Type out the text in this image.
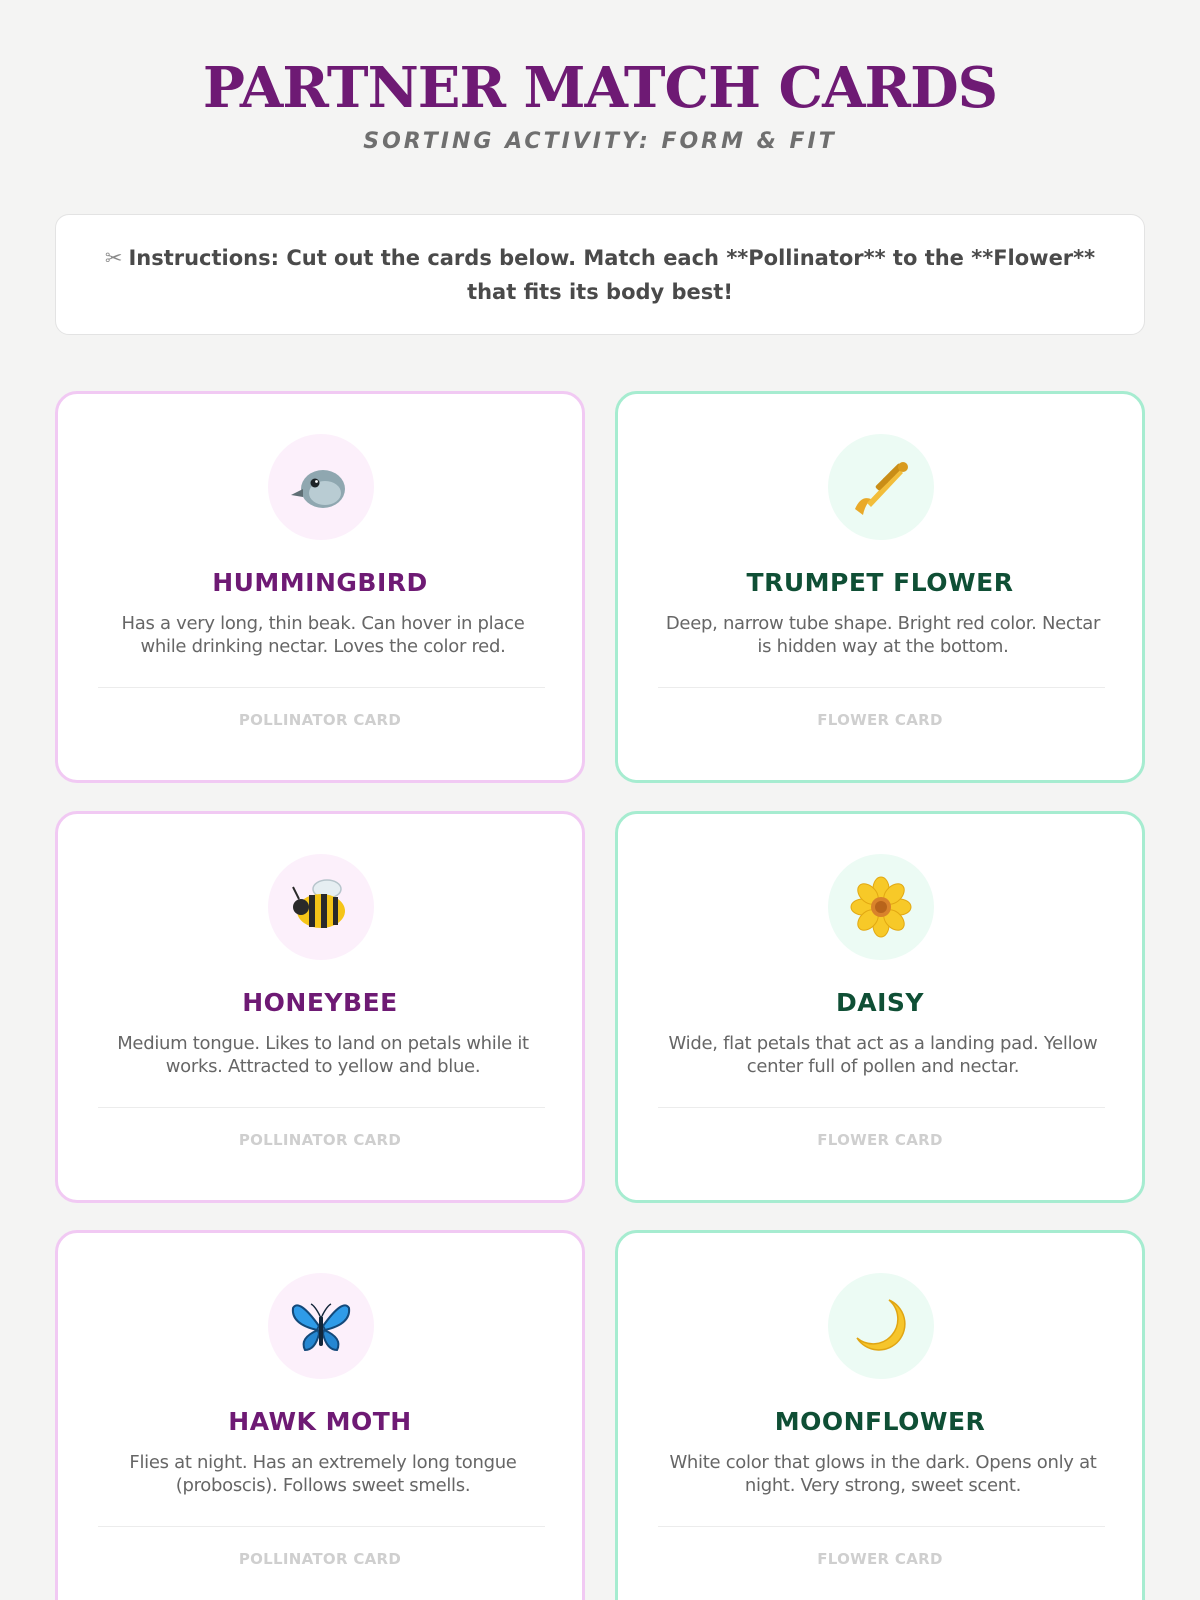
PARTNER MATCH CARDS
SORTING ACTIVITY: FORM & FIT
✂ Instructions: Cut out the cards below. Match each **Pollinator** to the **Flower** that fits its body best!
HUMMINGBIRD
Has a very long, thin beak. Can hover in place while drinking nectar. Loves the color red.
POLLINATOR CARD
TRUMPET FLOWER
Deep, narrow tube shape. Bright red color. Nectar is hidden way at the bottom.
FLOWER CARD
HONEYBEE
Medium tongue. Likes to land on petals while it works. Attracted to yellow and blue.
POLLINATOR CARD
DAISY
Wide, flat petals that act as a landing pad. Yellow center full of pollen and nectar.
FLOWER CARD
HAWK MOTH
Flies at night. Has an extremely long tongue (proboscis). Follows sweet smells.
POLLINATOR CARD
MOONFLOWER
White color that glows in the dark. Opens only at night. Very strong, sweet scent.
FLOWER CARD
